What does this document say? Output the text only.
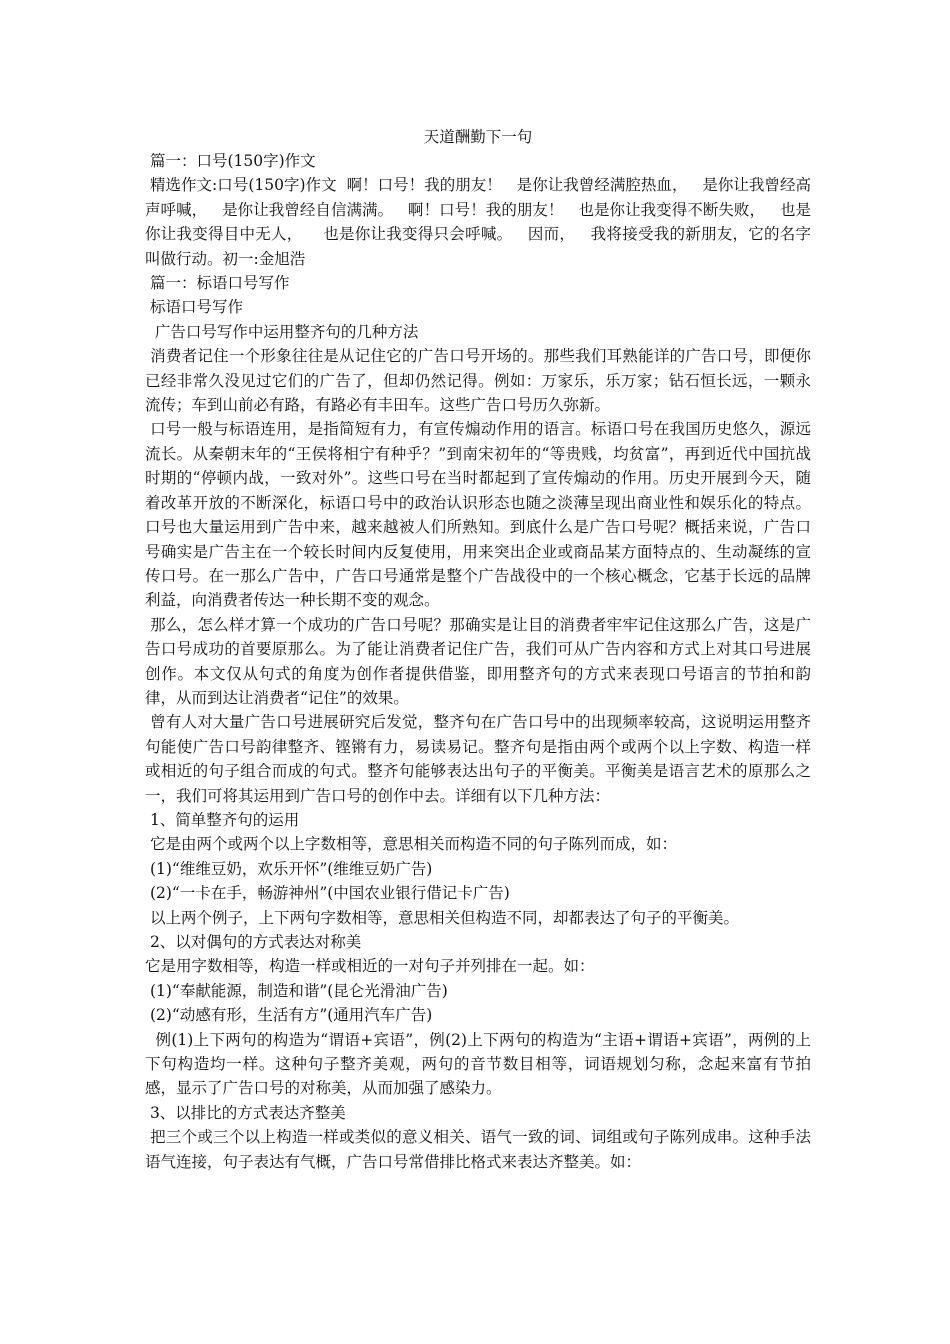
天道酬勤下一句

篇一：口号(150字)作文

精选作文:口号(150字)作文  啊！口号！我的朋友！   是你让我曾经满腔热血，   是你让我曾经高声呼喊，   是你让我曾经自信满满。   啊！口号！我的朋友！   也是你让我变得不断失败，   也是你让我变得目中无人，    也是你让我变得只会呼喊。   因而，   我将接受我的新朋友，它的名字叫做行动。初一:金旭浩

篇一：标语口号写作

标语口号写作

广告口号写作中运用整齐句的几种方法

消费者记住一个形象往往是从记住它的广告口号开场的。那些我们耳熟能详的广告口号，即便你已经非常久没见过它们的广告了，但却仍然记得。例如：万家乐，乐万家；钻石恒长远，一颗永流传；车到山前必有路，有路必有丰田车。这些广告口号历久弥新。

口号一般与标语连用，是指简短有力，有宣传煽动作用的语言。标语口号在我国历史悠久，源远流长。从秦朝末年的“王侯将相宁有种乎？”到南宋初年的“等贵贱，均贫富”，再到近代中国抗战时期的“停顿内战，一致对外”。这些口号在当时都起到了宣传煽动的作用。历史开展到今天，随着改革开放的不断深化，标语口号中的政治认识形态也随之淡薄呈现出商业性和娱乐化的特点。口号也大量运用到广告中来，越来越被人们所熟知。到底什么是广告口号呢？概括来说，广告口号确实是广告主在一个较长时间内反复使用，用来突出企业或商品某方面特点的、生动凝练的宣传口号。在一那么广告中，广告口号通常是整个广告战役中的一个核心概念，它基于长远的品牌利益，向消费者传达一种长期不变的观念。

那么，怎么样才算一个成功的广告口号呢？那确实是让目的消费者牢牢记住这那么广告，这是广告口号成功的首要原那么。为了能让消费者记住广告，我们可从广告内容和方式上对其口号进展创作。本文仅从句式的角度为创作者提供借鉴，即用整齐句的方式来表现口号语言的节拍和韵律，从而到达让消费者“记住”的效果。

曾有人对大量广告口号进展研究后发觉，整齐句在广告口号中的出现频率较高，这说明运用整齐句能使广告口号韵律整齐、铿锵有力，易读易记。整齐句是指由两个或两个以上字数、构造一样或相近的句子组合而成的句式。整齐句能够表达出句子的平衡美。平衡美是语言艺术的原那么之一，我们可将其运用到广告口号的创作中去。详细有以下几种方法：

1、简单整齐句的运用

它是由两个或两个以上字数相等，意思相关而构造不同的句子陈列而成，如：

(1)“维维豆奶，欢乐开怀”(维维豆奶广告)

(2)“一卡在手，畅游神州”(中国农业银行借记卡广告)

以上两个例子，上下两句字数相等，意思相关但构造不同，却都表达了句子的平衡美。

2、以对偶句的方式表达对称美

它是用字数相等，构造一样或相近的一对句子并列排在一起。如：

(1)“奉献能源，制造和谐”(昆仑光滑油广告)

(2)“动感有形，生活有方”(通用汽车广告)

例(1)上下两句的构造为“谓语+宾语”，例(2)上下两句的构造为“主语+谓语+宾语”，两例的上下句构造均一样。这种句子整齐美观，两句的音节数目相等，词语规划匀称，念起来富有节拍感，显示了广告口号的对称美，从而加强了感染力。

3、以排比的方式表达齐整美

把三个或三个以上构造一样或类似的意义相关、语气一致的词、词组或句子陈列成串。这种手法语气连接，句子表达有气概，广告口号常借排比格式来表达齐整美。如：
